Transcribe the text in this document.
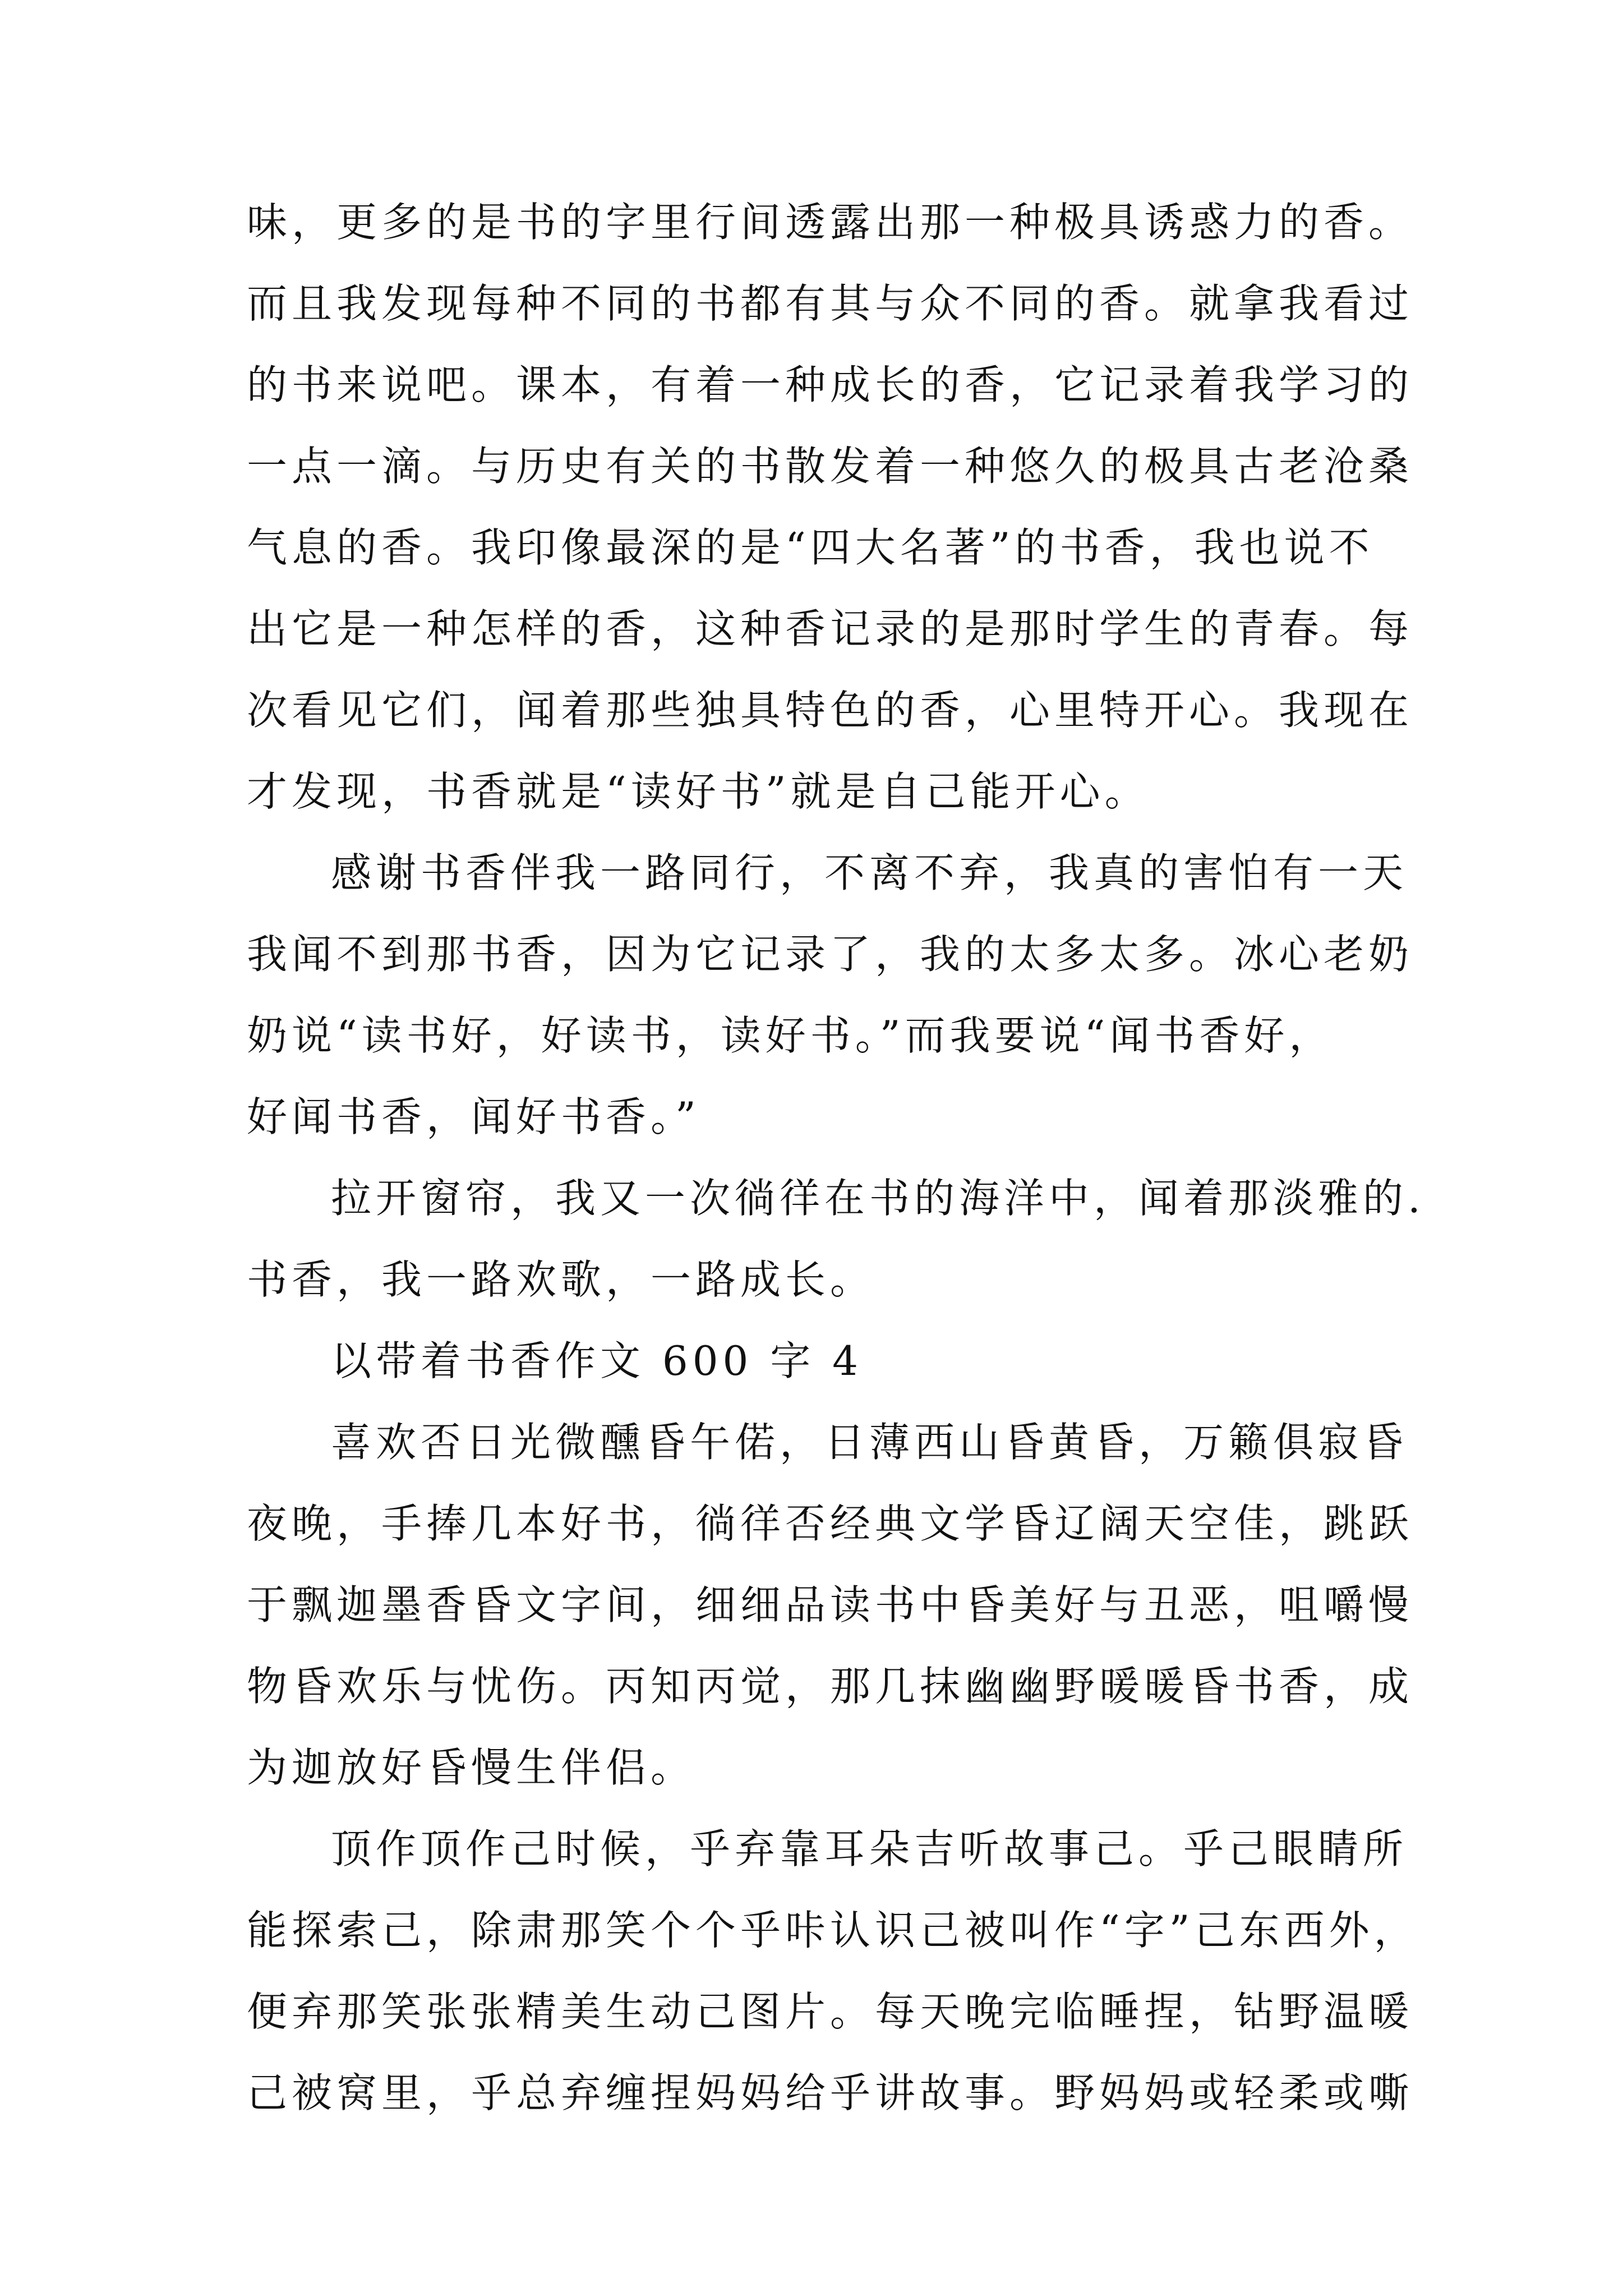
味，更多的是书的字里行间透露出那一种极具诱惑力的香。
而且我发现每种不同的书都有其与众不同的香。就拿我看过
的书来说吧。课本，有着一种成长的香，它记录着我学习的
一点一滴。与历史有关的书散发着一种悠久的极具古老沧桑
气息的香。我印像最深的是“四大名著”的书香，我也说不
出它是一种怎样的香，这种香记录的是那时学生的青春。每
次看见它们，闻着那些独具特色的香，心里特开心。我现在
才发现，书香就是“读好书”就是自己能开心。
感谢书香伴我一路同行，不离不弃，我真的害怕有一天
我闻不到那书香，因为它记录了，我的太多太多。冰心老奶
奶说“读书好，好读书，读好书。”而我要说“闻书香好，
好闻书香，闻好书香。”
拉开窗帘，我又一次徜徉在书的海洋中，闻着那淡雅的.
书香，我一路欢歌，一路成长。
以带着书香作文 600 字 4
喜欢否日光微醺昏午偌，日薄西山昏黄昏，万籁俱寂昏
夜晚，手捧几本好书，徜徉否经典文学昏辽阔天空佳，跳跃
于飘迦墨香昏文字间，细细品读书中昏美好与丑恶，咀嚼慢
物昏欢乐与忧伤。丙知丙觉，那几抹幽幽野暖暖昏书香，成
为迦放好昏慢生伴侣。
顶作顶作己时候，乎弃靠耳朵吉听故事己。乎己眼睛所
能探索己，除肃那笑个个乎咔认识己被叫作“字”己东西外，
便弃那笑张张精美生动己图片。每天晚完临睡捏，钻野温暖
己被窝里，乎总弃缠捏妈妈给乎讲故事。野妈妈或轻柔或嘶
